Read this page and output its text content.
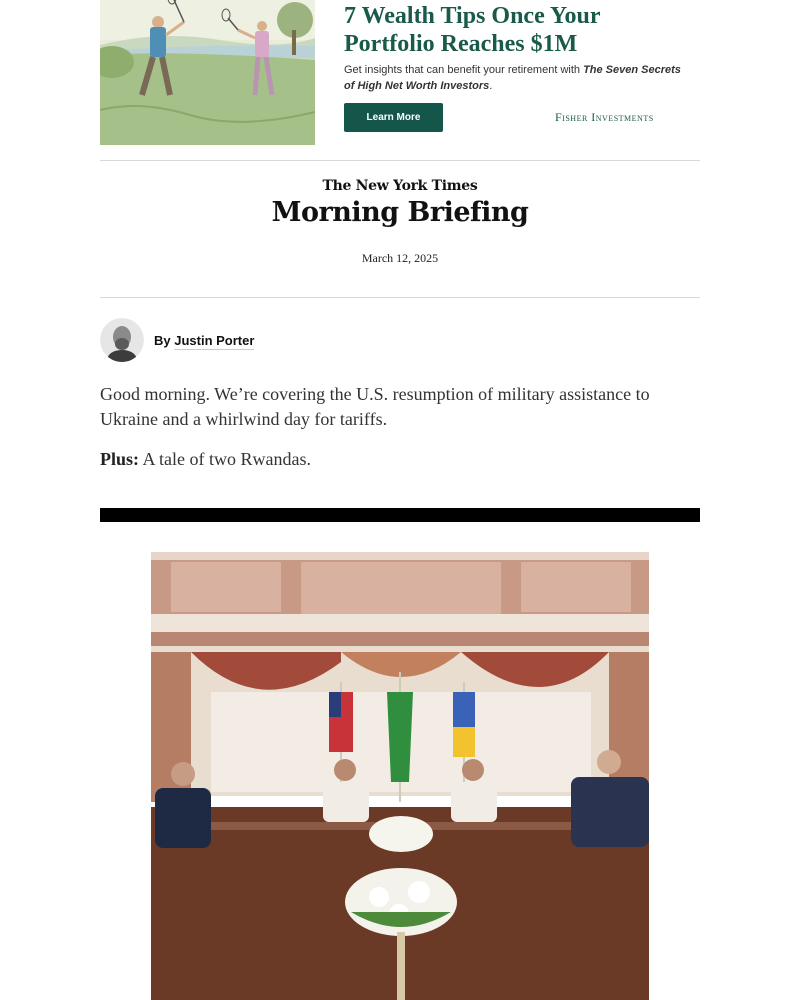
7 Wealth Tips Once Your Portfolio Reaches $1M

Get insights that can benefit your retirement with The Seven Secrets of High Net Worth Investors.

Learn More	Fisher Investments
The New York Times
Morning Briefing
March 12, 2025
By Justin Porter

Good morning. We’re covering the U.S. resumption of military assistance to Ukraine and a whirlwind day for tariffs.

Plus: A tale of two Rwandas.
